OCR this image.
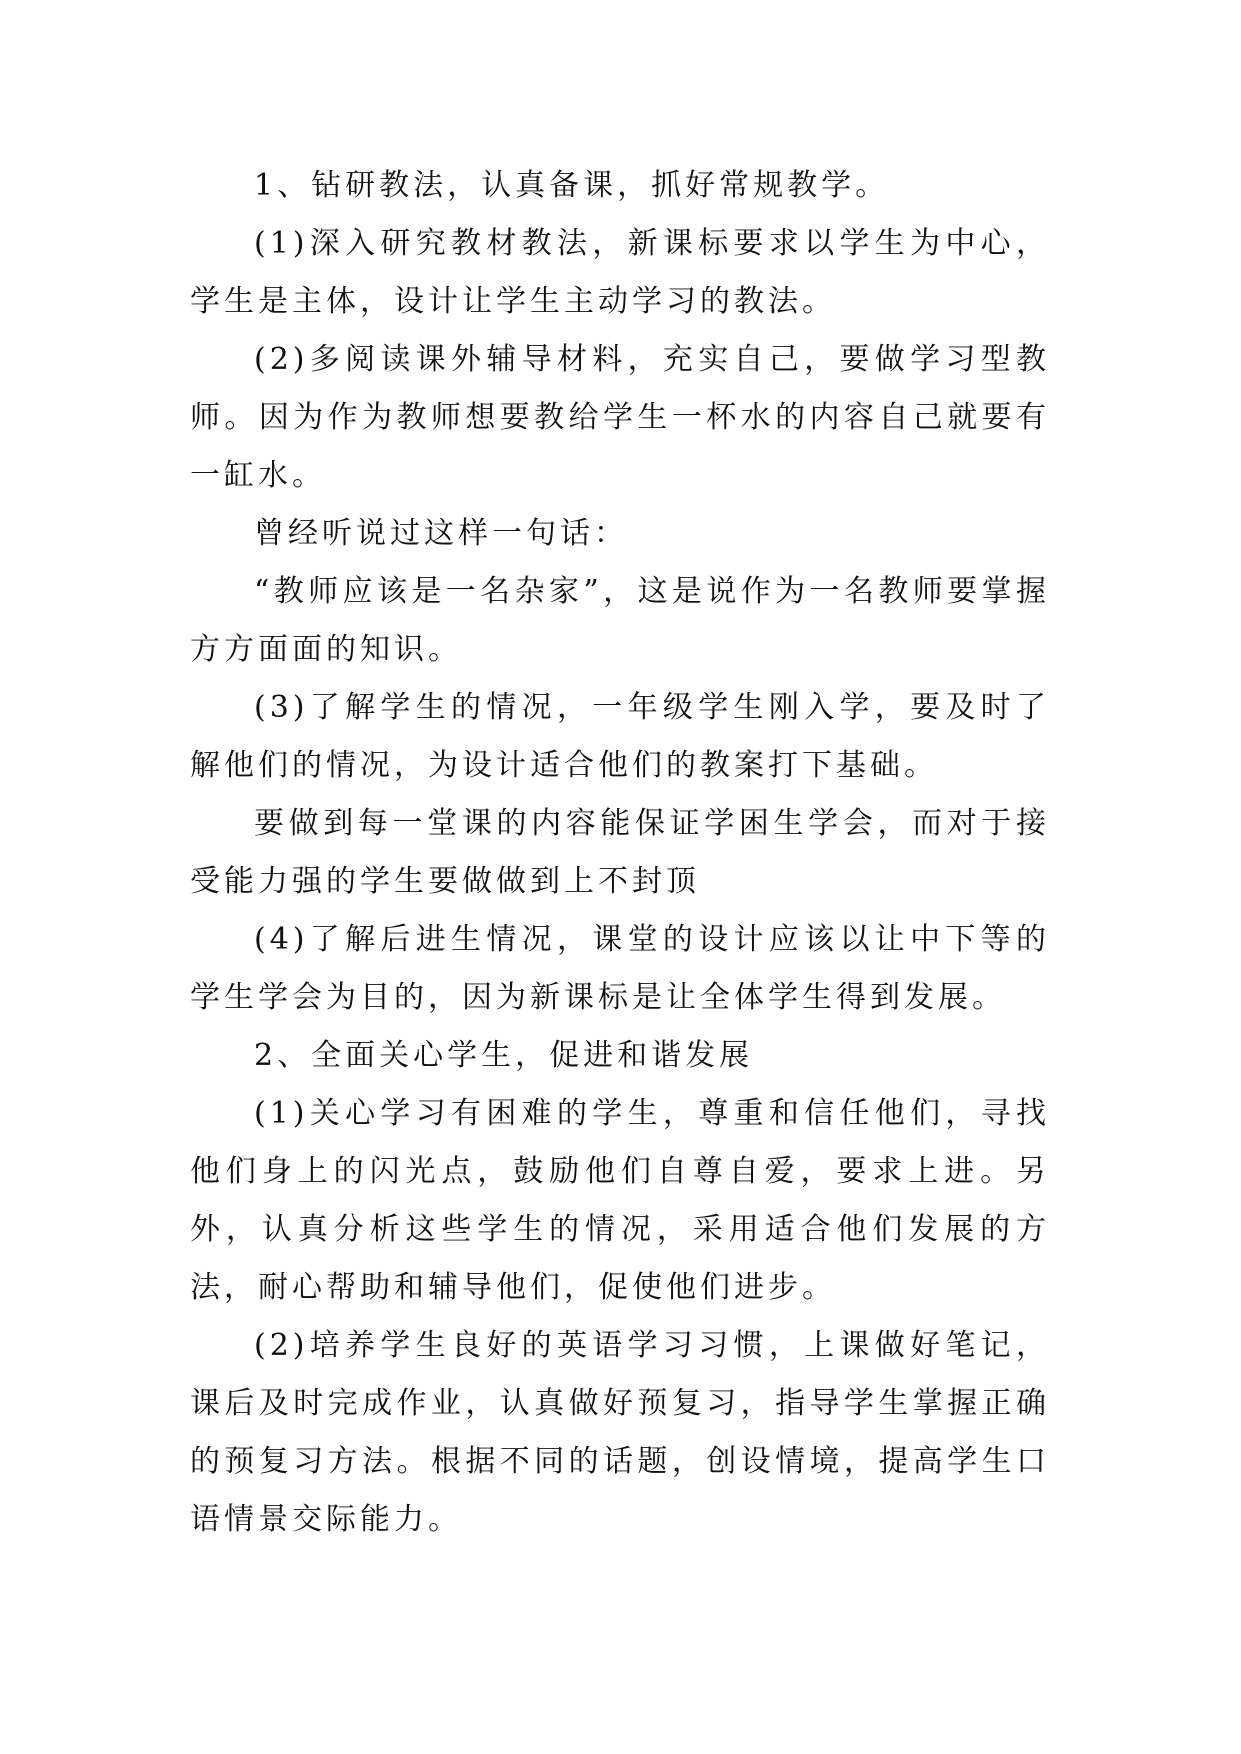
1、钻研教法，认真备课，抓好常规教学。

(1)深入研究教材教法，新课标要求以学生为中心，学生是主体，设计让学生主动学习的教法。

(2)多阅读课外辅导材料，充实自己，要做学习型教师。因为作为教师想要教给学生一杯水的内容自己就要有一缸水。

曾经听说过这样一句话：

“教师应该是一名杂家”，这是说作为一名教师要掌握方方面面的知识。

(3)了解学生的情况，一年级学生刚入学，要及时了解他们的情况，为设计适合他们的教案打下基础。

要做到每一堂课的内容能保证学困生学会，而对于接受能力强的学生要做做到上不封顶

(4)了解后进生情况，课堂的设计应该以让中下等的学生学会为目的，因为新课标是让全体学生得到发展。

2、全面关心学生，促进和谐发展

(1)关心学习有困难的学生，尊重和信任他们，寻找他们身上的闪光点，鼓励他们自尊自爱，要求上进。另外，认真分析这些学生的情况，采用适合他们发展的方法，耐心帮助和辅导他们，促使他们进步。

(2)培养学生良好的英语学习习惯，上课做好笔记，课后及时完成作业，认真做好预复习，指导学生掌握正确的预复习方法。根据不同的话题，创设情境，提高学生口语情景交际能力。
